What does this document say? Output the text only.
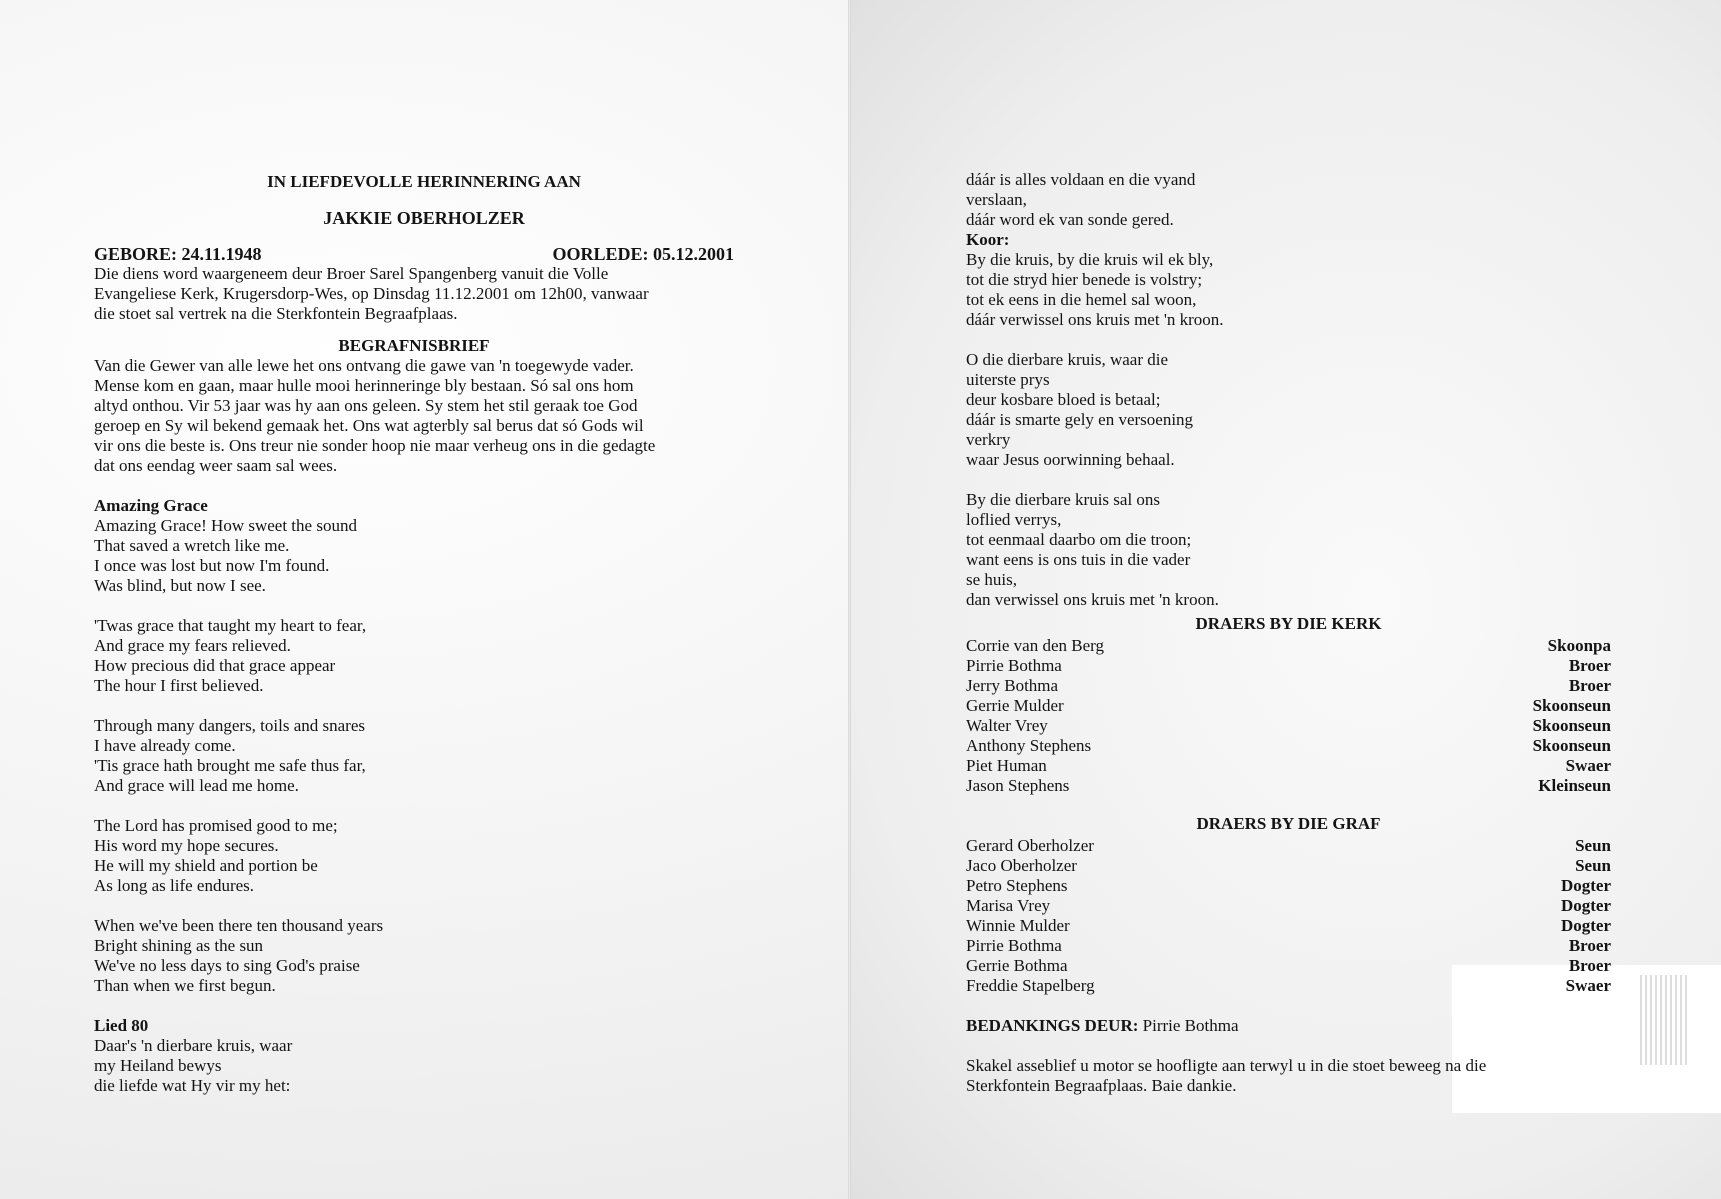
IN LIEFDEVOLLE HERINNERING AAN
JAKKIE OBERHOLZER
GEBORE: 24.11.1948	OORLEDE: 05.12.2001
Die diens word waargeneem deur Broer Sarel Spangenberg vanuit die Volle
Evangeliese Kerk, Krugersdorp-Wes, op Dinsdag 11.12.2001 om 12h00, vanwaar
die stoet sal vertrek na die Sterkfontein Begraafplaas.
BEGRAFNISBRIEF
Van die Gewer van alle lewe het ons ontvang die gawe van 'n toegewyde vader.
Mense kom en gaan, maar hulle mooi herinneringe bly bestaan. Só sal ons hom
altyd onthou. Vir 53 jaar was hy aan ons geleen. Sy stem het stil geraak toe God
geroep en Sy wil bekend gemaak het. Ons wat agterbly sal berus dat só Gods wil
vir ons die beste is. Ons treur nie sonder hoop nie maar verheug ons in die gedagte
dat ons eendag weer saam sal wees.
Amazing Grace
Amazing Grace! How sweet the sound
That saved a wretch like me.
I once was lost but now I'm found.
Was blind, but now I see.
'Twas grace that taught my heart to fear,
And grace my fears relieved.
How precious did that grace appear
The hour I first believed.
Through many dangers, toils and snares
I have already come.
'Tis grace hath brought me safe thus far,
And grace will lead me home.
The Lord has promised good to me;
His word my hope secures.
He will my shield and portion be
As long as life endures.
When we've been there ten thousand years
Bright shining as the sun
We've no less days to sing God's praise
Than when we first begun.
Lied 80
Daar's 'n dierbare kruis, waar
my Heiland bewys
die liefde wat Hy vir my het:
dáár is alles voldaan en die vyand
verslaan,
dáár word ek van sonde gered.
Koor:
By die kruis, by die kruis wil ek bly,
tot die stryd hier benede is volstry;
tot ek eens in die hemel sal woon,
dáár verwissel ons kruis met 'n kroon.
O die dierbare kruis, waar die
uiterste prys
deur kosbare bloed is betaal;
dáár is smarte gely en versoening
verkry
waar Jesus oorwinning behaal.
By die dierbare kruis sal ons
loflied verrys,
tot eenmaal daarbo om die troon;
want eens is ons tuis in die vader
se huis,
dan verwissel ons kruis met 'n kroon.
DRAERS BY DIE KERK
Corrie van den Berg	Skoonpa
Pirrie Bothma	Broer
Jerry Bothma	Broer
Gerrie Mulder	Skoonseun
Walter Vrey	Skoonseun
Anthony Stephens	Skoonseun
Piet Human	Swaer
Jason Stephens	Kleinseun
DRAERS BY DIE GRAF
Gerard Oberholzer	Seun
Jaco Oberholzer	Seun
Petro Stephens	Dogter
Marisa Vrey	Dogter
Winnie Mulder	Dogter
Pirrie Bothma	Broer
Gerrie Bothma	Broer
Freddie Stapelberg	Swaer
BEDANKINGS DEUR: Pirrie Bothma
Skakel asseblief u motor se hoofligte aan terwyl u in die stoet beweeg na die
Sterkfontein Begraafplaas. Baie dankie.
